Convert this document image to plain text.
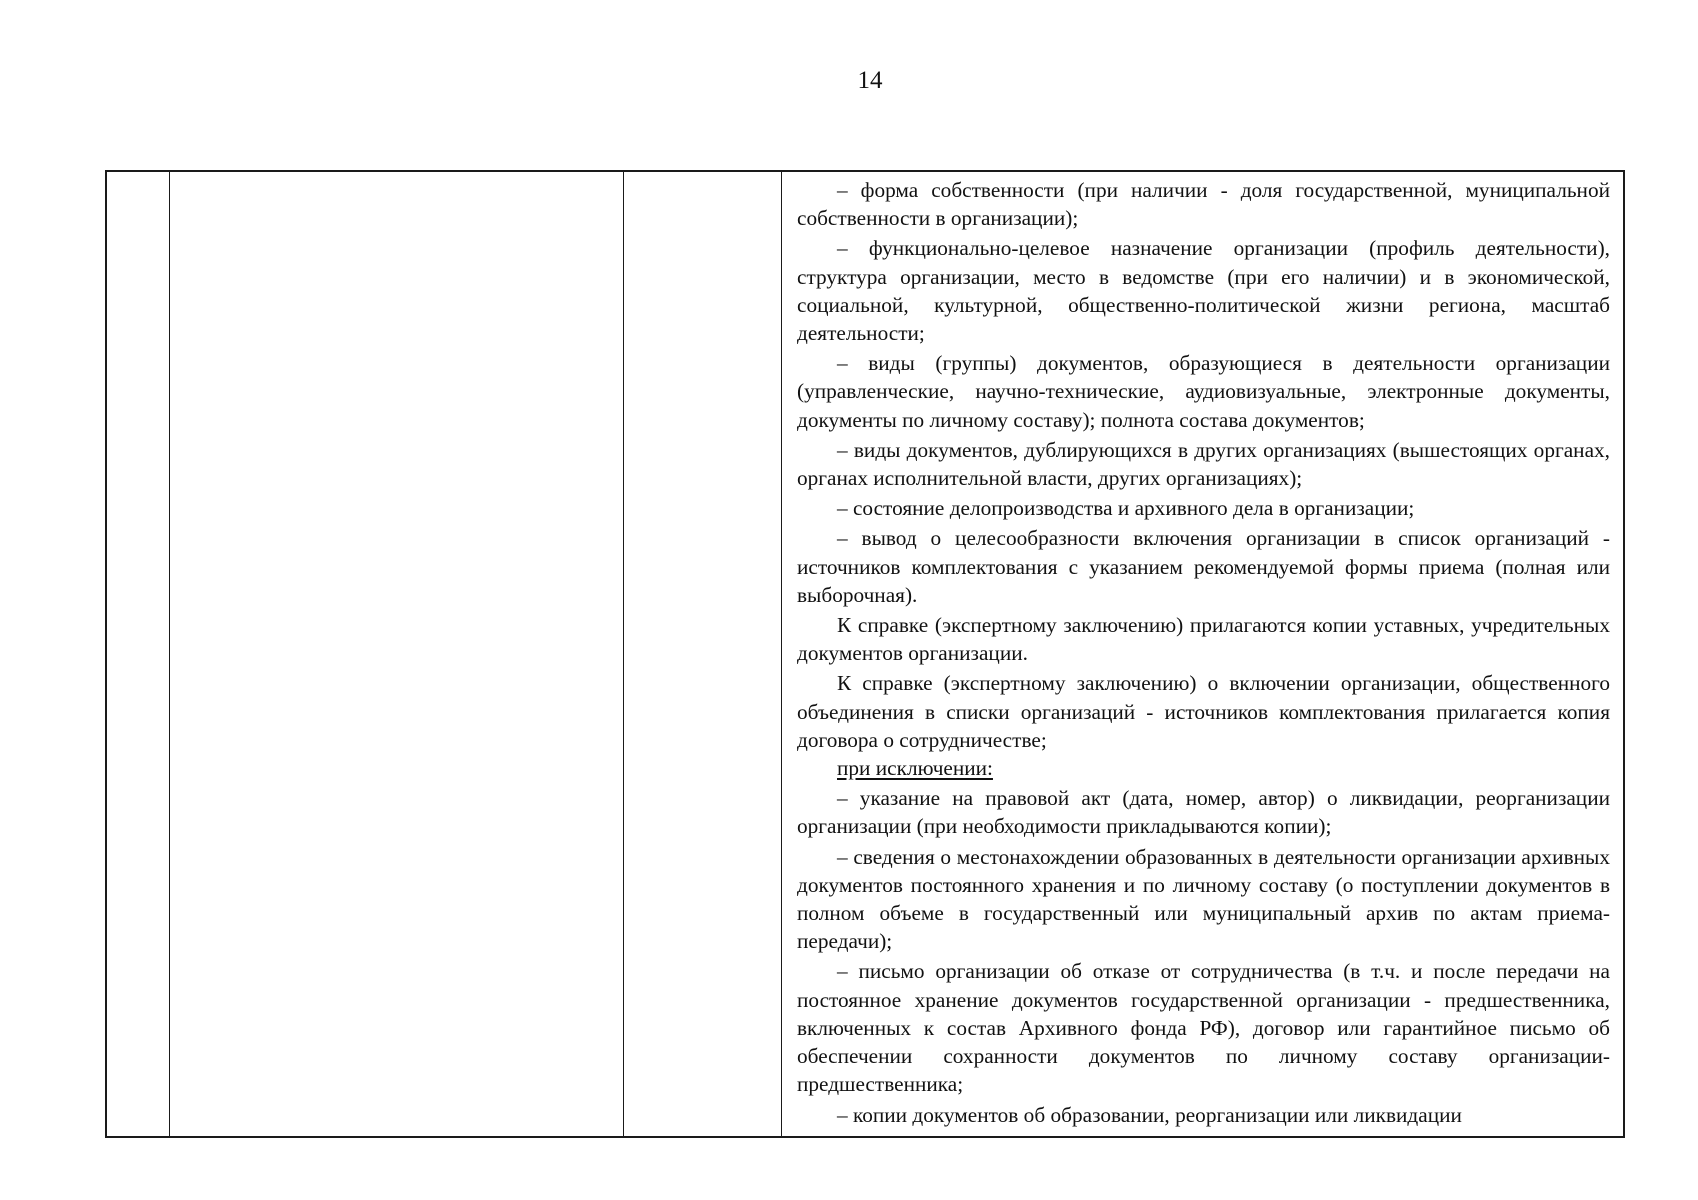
14

– форма собственности (при наличии - доля государственной, муниципальной собственности в организации);

– функционально-целевое назначение организации (профиль деятельности), структура организации, место в ведомстве (при его наличии) и в экономической, социальной, культурной, общественно-политической жизни региона, масштаб деятельности;

– виды (группы) документов, образующиеся в деятельности организации (управленческие, научно-технические, аудиовизуальные, электронные документы, документы по личному составу); полнота состава документов;

– виды документов, дублирующихся в других организациях (вышестоящих органах, органах исполнительной власти, других организациях);

– состояние делопроизводства и архивного дела в организации;

– вывод о целесообразности включения организации в список организаций - источников комплектования с указанием рекомендуемой формы приема (полная или выборочная).

К справке (экспертному заключению) прилагаются копии уставных, учредительных документов организации.

К справке (экспертному заключению) о включении организации, общественного объединения в списки организаций - источников комплектования прилагается копия договора о сотрудничестве;

при исключении:

– указание на правовой акт (дата, номер, автор) о ликвидации, реорганизации организации (при необходимости прикладываются копии);

– сведения о местонахождении образованных в деятельности организации архивных документов постоянного хранения и по личному составу (о поступлении документов в полном объеме в государственный или муниципальный архив по актам приема-передачи);

– письмо организации об отказе от сотрудничества (в т.ч. и после передачи на постоянное хранение документов государственной организации - предшественника, включенных к состав Архивного фонда РФ), договор или гарантийное письмо об обеспечении сохранности документов по личному составу организации-предшественника;

– копии документов об образовании, реорганизации или ликвидации
